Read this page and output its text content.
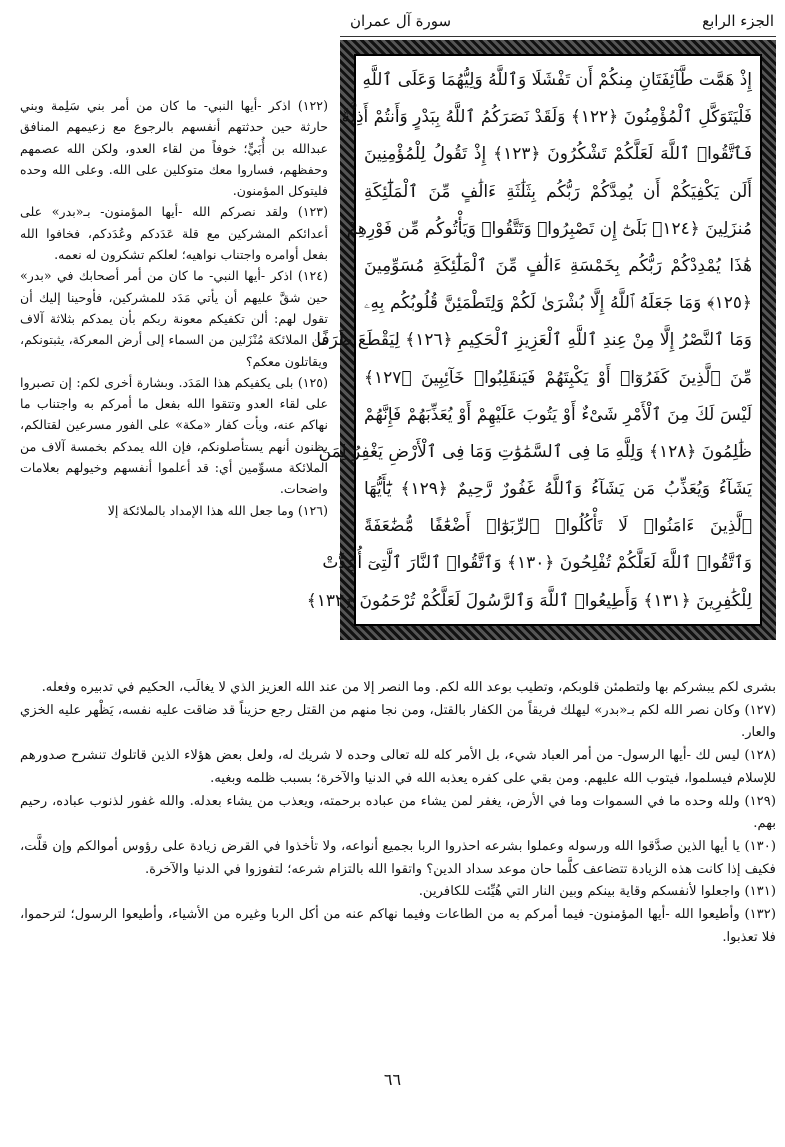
الجزء الرابع
سورة آل عمران
إِذْ هَمَّت طَّآئِفَتَانِ مِنكُمْ أَن تَفْشَلَا وَٱللَّهُ وَلِيُّهُمَا وَعَلَى ٱللَّهِ
فَلْيَتَوَكَّلِ ٱلْمُؤْمِنُونَ ﴿١٢٢﴾ وَلَقَدْ نَصَرَكُمُ ٱللَّهُ بِبَدْرٍ وَأَنتُمْ أَذِلَّةٌ
فَٱتَّقُوا۟ ٱللَّهَ لَعَلَّكُمْ تَشْكُرُونَ ﴿١٢٣﴾ إِذْ تَقُولُ لِلْمُؤْمِنِينَ
أَلَن يَكْفِيَكُمْ أَن يُمِدَّكُمْ رَبُّكُم بِثَلَٰثَةِ ءَالَٰفٍ مِّنَ ٱلْمَلَٰٓئِكَةِ
مُنزَلِينَ ﴿١٢٤﴾ بَلَىٰٓ إِن تَصْبِرُوا۟ وَتَتَّقُوا۟ وَيَأْتُوكُم مِّن فَوْرِهِمْ
هَٰذَا يُمْدِدْكُمْ رَبُّكُم بِخَمْسَةِ ءَالَٰفٍ مِّنَ ٱلْمَلَٰٓئِكَةِ مُسَوِّمِينَ
﴿١٢٥﴾ وَمَا جَعَلَهُ ٱللَّهُ إِلَّا بُشْرَىٰ لَكُمْ وَلِتَطْمَئِنَّ قُلُوبُكُم بِهِۦ
وَمَا ٱلنَّصْرُ إِلَّا مِنْ عِندِ ٱللَّهِ ٱلْعَزِيزِ ٱلْحَكِيمِ ﴿١٢٦﴾ لِيَقْطَعَ طَرَفًا
مِّنَ ٱلَّذِينَ كَفَرُوٓا۟ أَوْ يَكْبِتَهُمْ فَيَنقَلِبُوا۟ خَآئِبِينَ ﴿١٢٧﴾
لَيْسَ لَكَ مِنَ ٱلْأَمْرِ شَىْءٌ أَوْ يَتُوبَ عَلَيْهِمْ أَوْ يُعَذِّبَهُمْ فَإِنَّهُمْ
ظَٰلِمُونَ ﴿١٢٨﴾ وَلِلَّهِ مَا فِى ٱلسَّمَٰوَٰتِ وَمَا فِى ٱلْأَرْضِ يَغْفِرُ لِمَن
يَشَآءُ وَيُعَذِّبُ مَن يَشَآءُ وَٱللَّهُ غَفُورٌ رَّحِيمٌ ﴿١٢٩﴾ يَٰٓأَيُّهَا
ٱلَّذِينَ ءَامَنُوا۟ لَا تَأْكُلُوا۟ ٱلرِّبَوٰٓا۟ أَضْعَٰفًا مُّضَٰعَفَةً
وَٱتَّقُوا۟ ٱللَّهَ لَعَلَّكُمْ تُفْلِحُونَ ﴿١٣٠﴾ وَٱتَّقُوا۟ ٱلنَّارَ ٱلَّتِىٓ أُعِدَّتْ
لِلْكَٰفِرِينَ ﴿١٣١﴾ وَأَطِيعُوا۟ ٱللَّهَ وَٱلرَّسُولَ لَعَلَّكُمْ تُرْحَمُونَ ﴿١٣٢﴾

(١٢٢) اذكر -أيها النبي- ما كان من أمر بني سَلِمة وبني حارثة حين حدثتهم أنفسهم بالرجوع مع زعيمهم المنافق عبدالله بن أُبَيٍّ؛ خوفاً من لقاء العدو، ولكن الله عصمهم وحفظهم، فساروا معك متوكلين على الله. وعلى الله وحده فليتوكل المؤمنون.

(١٢٣) ولقد نصركم الله -أيها المؤمنون- بـ«بدر» على أعدائكم المشركين مع قلة عَدَدكم وعُدَدكم، فخافوا الله بفعل أوامره واجتناب نواهيه؛ لعلكم تشكرون له نعمه.

(١٢٤) اذكر -أيها النبي- ما كان من أمر أصحابك في «بدر» حين شقَّ عليهم أن يأتي مَدَد للمشركين، فأوحينا إليك أن تقول لهم: ألن تكفيكم معونة ربكم بأن يمدكم بثلاثة آلاف من الملائكة مُنْزَلين من السماء إلى أرض المعركة، يثبتونكم، ويقاتلون معكم؟

(١٢٥) بلى يكفيكم هذا المَدَد. وبشارة أخرى لكم: إن تصبروا على لقاء العدو وتتقوا الله بفعل ما أمركم به واجتناب ما نهاكم عنه، ويأت كفار «مكة» على الفور مسرعين لقتالكم، يظنون أنهم يستأصلونكم، فإن الله يمدكم بخمسة آلاف من الملائكة مسوِّمين أي: قد أعلموا أنفسهم وخيولهم بعلامات واضحات.

(١٢٦) وما جعل الله هذا الإمداد بالملائكة إلا

بشرى لكم يبشركم بها ولتطمئن قلوبكم، وتطيب بوعد الله لكم. وما النصر إلا من عند الله العزيز الذي لا يغالَب، الحكيم في تدبيره وفعله.

(١٢٧) وكان نصر الله لكم بـ«بدر» ليهلك فريقاً من الكفار بالقتل، ومن نجا منهم من القتل رجع حزيناً قد ضاقت عليه نفسه، يَظْهر عليه الخزي والعار.

(١٢٨) ليس لك -أيها الرسول- من أمر العباد شيء، بل الأمر كله لله تعالى وحده لا شريك له، ولعل بعض هؤلاء الذين قاتلوك تنشرح صدورهم للإسلام فيسلموا، فيتوب الله عليهم. ومن بقي على كفره يعذبه الله في الدنيا والآخرة؛ بسبب ظلمه وبغيه.

(١٢٩) ولله وحده ما في السموات وما في الأرض، يغفر لمن يشاء من عباده برحمته، ويعذب من يشاء بعدله. والله غفور لذنوب عباده، رحيم بهم.

(١٣٠) يا أيها الذين صدَّقوا الله ورسوله وعملوا بشرعه احذروا الربا بجميع أنواعه، ولا تأخذوا في القرض زيادة على رؤوس أموالكم وإن قلَّت، فكيف إذا كانت هذه الزيادة تتضاعف كلَّما حان موعد سداد الدين؟ واتقوا الله بالتزام شرعه؛ لتفوزوا في الدنيا والآخرة.

(١٣١) واجعلوا لأنفسكم وقاية بينكم وبين النار التي هُيِّئت للكافرين.

(١٣٢) وأطيعوا الله -أيها المؤمنون- فيما أمركم به من الطاعات وفيما نهاكم عنه من أكل الربا وغيره من الأشياء، وأطيعوا الرسول؛ لترحموا، فلا تعذبوا.

٦٦
